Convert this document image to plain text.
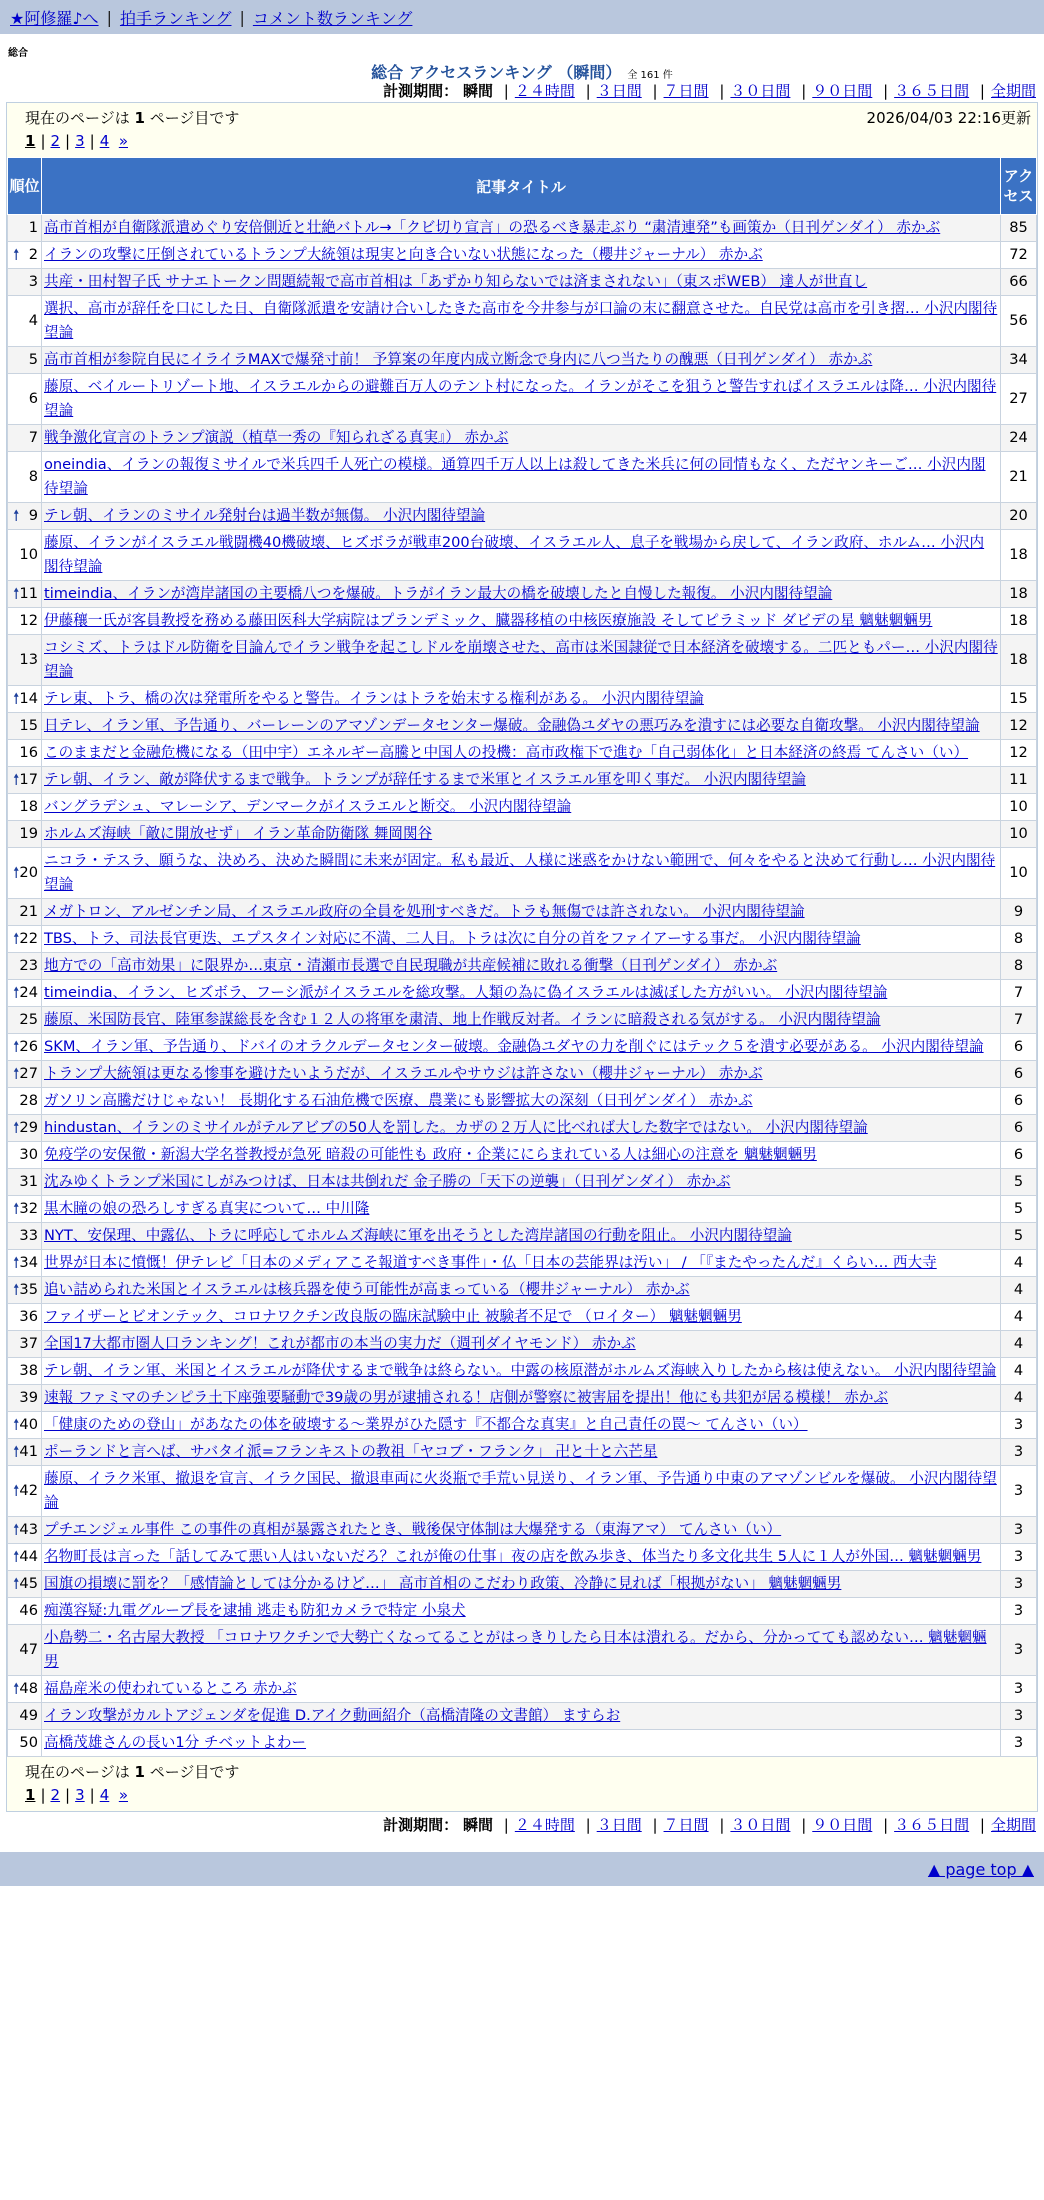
★阿修羅♪へ | 拍手ランキング | コメント数ランキング
総合
総合 アクセスランキング （瞬間） 全 161 件
計測期間： 瞬間 | ２４時間 | ３日間 | ７日間 | ３０日間 | ９０日間 | ３６５日間 | 全期間
現在のページは 1 ページ目です	2026/04/03 22:16更新
1 | 2 | 3 | 4 »
順位	記事タイトル	アクセス
1	高市首相が自衛隊派遣めぐり安倍側近と壮絶バトル→「クビ切り宣言」の恐るべき暴走ぶり “粛清連発”も画策か（日刊ゲンダイ） 赤かぶ	85

🠕 2	イランの攻撃に圧倒されているトランプ大統領は現実と向き合いない状態になった（櫻井ジャーナル） 赤かぶ	72
3	共産・田村智子氏 サナエトークン問題続報で高市首相は「あずかり知らないでは済まされない」（東スポWEB） 達人が世直し	66
4	選択、高市が辞任を口にした日、自衛隊派遣を安請け合いしたきた高市を今井参与が口論の末に翻意させた。自民党は高市を引き摺… 小沢内閣待望論	56
5	高市首相が参院自民にイライラMAXで爆発寸前！ 予算案の年度内成立断念で身内に八つ当たりの醜悪（日刊ゲンダイ） 赤かぶ	34
6	藤原、ベイルートリゾート地、イスラエルからの避難百万人のテント村になった。イランがそこを狙うと警告すればイスラエルは降… 小沢内閣待望論	27
7	戦争激化宣言のトランプ演説（植草一秀の『知られざる真実』） 赤かぶ	24
8	oneindia、イランの報復ミサイルで米兵四千人死亡の模様。通算四千万人以上は殺してきた米兵に何の同情もなく、ただヤンキーご… 小沢内閣待望論	21

🠕 9	テレ朝、イランのミサイル発射台は過半数が無傷。 小沢内閣待望論	20
10	藤原、イランがイスラエル戦闘機40機破壊、ヒズボラが戦車200台破壊、イスラエル人、息子を戦場から戻して、イラン政府、ホルム… 小沢内閣待望論	18

🠕 11	timeindia、イランが湾岸諸国の主要橋八つを爆破。トラがイラン最大の橋を破壊したと自慢した報復。 小沢内閣待望論	18
12	伊藤穰一氏が客員教授を務める藤田医科大学病院はプランデミック、臓器移植の中核医療施設 そしてピラミッド ダビデの星 魑魅魍魎男	18
13	コシミズ、トラはドル防衛を目論んでイラン戦争を起こしドルを崩壊させた、高市は米国隷従で日本経済を破壊する。二匹ともパー… 小沢内閣待望論	18

🠕 14	テレ東、トラ、橋の次は発電所をやると警告。イランはトラを始末する権利がある。 小沢内閣待望論	15
15	日テレ、イラン軍、予告通り、バーレーンのアマゾンデータセンター爆破。金融偽ユダヤの悪巧みを潰すには必要な自衛攻撃。 小沢内閣待望論	12
16	このままだと金融危機になる（田中宇）エネルギー高騰と中国人の投機：高市政権下で進む「自己弱体化」と日本経済の終焉 てんさい（い）	12

🠕 17	テレ朝、イラン、敵が降伏するまで戦争。トランプが辞任するまで米軍とイスラエル軍を叩く事だ。 小沢内閣待望論	11
18	バングラデシュ、マレーシア、デンマークがイスラエルと断交。 小沢内閣待望論	10
19	ホルムズ海峡「敵に開放せず」 イラン革命防衛隊 舞岡関谷	10

🠕 20	ニコラ・テスラ、願うな、決めろ、決めた瞬間に未来が固定。私も最近、人様に迷惑をかけない範囲で、何々をやると決めて行動し… 小沢内閣待望論	10
21	メガトロン、アルゼンチン局、イスラエル政府の全員を処刑すべきだ。トラも無傷では許されない。 小沢内閣待望論	9

🠕 22	TBS、トラ、司法長官更迭、エプスタイン対応に不満、二人目。トラは次に自分の首をファイアーする事だ。 小沢内閣待望論	8
23	地方での「高市効果」に限界か…東京・清瀬市長選で自民現職が共産候補に敗れる衝撃（日刊ゲンダイ） 赤かぶ	8

🠕 24	timeindia、イラン、ヒズボラ、フーシ派がイスラエルを総攻撃。人類の為に偽イスラエルは滅ぼした方がいい。 小沢内閣待望論	7
25	藤原、米国防長官、陸軍参謀総長を含む１２人の将軍を粛清、地上作戦反対者。イランに暗殺される気がする。 小沢内閣待望論	7

🠕 26	SKM、イラン軍、予告通り、ドバイのオラクルデータセンター破壊。金融偽ユダヤの力を削ぐにはテック５を潰す必要がある。 小沢内閣待望論	6

🠕 27	トランプ大統領は更なる惨事を避けたいようだが、イスラエルやサウジは許さない（櫻井ジャーナル） 赤かぶ	6
28	ガソリン高騰だけじゃない！ 長期化する石油危機で医療、農業にも影響拡大の深刻（日刊ゲンダイ） 赤かぶ	6

🠕 29	hindustan、イランのミサイルがテルアビブの50人を罰した。カザの２万人に比べれば大した数字ではない。 小沢内閣待望論	6
30	免疫学の安保徹・新潟大学名誉教授が急死 暗殺の可能性も 政府・企業ににらまれている人は細心の注意を 魑魅魍魎男	6
31	沈みゆくトランプ米国にしがみつけば、日本は共倒れだ 金子勝の「天下の逆襲」（日刊ゲンダイ） 赤かぶ	5

🠕 32	黒木瞳の娘の恐ろしすぎる真実について… 中川隆	5
33	NYT、安保理、中露仏、トラに呼応してホルムズ海峡に軍を出そうとした湾岸諸国の行動を阻止。 小沢内閣待望論	5

🠕 34	世界が日本に憤慨！伊テレビ「日本のメディアこそ報道すべき事件」・仏「日本の芸能界は汚い」 / 「『またやったんだ』くらい… 西大寺	4

🠕 35	追い詰められた米国とイスラエルは核兵器を使う可能性が高まっている（櫻井ジャーナル） 赤かぶ	4
36	ファイザーとビオンテック、コロナワクチン改良版の臨床試験中止 被験者不足で （ロイター） 魑魅魍魎男	4
37	全国17大都市圏人口ランキング！これが都市の本当の実力だ（週刊ダイヤモンド） 赤かぶ	4
38	テレ朝、イラン軍、米国とイスラエルが降伏するまで戦争は終らない。中露の核原潜がホルムズ海峡入りしたから核は使えない。 小沢内閣待望論	4
39	速報 ファミマのチンピラ土下座強要騒動で39歳の男が逮捕される！店側が警察に被害届を提出！他にも共犯が居る模様！ 赤かぶ	4

🠕 40	「健康のための登山」があなたの体を破壊する～業界がひた隠す『不都合な真実』と自己責任の罠～ てんさい（い）	3

🠕 41	ポーランドと言へば、サバタイ派=フランキストの教祖「ヤコブ・フランク」 卍と十と六芒星	3

🠕 42	藤原、イラク米軍、撤退を宣言、イラク国民、撤退車両に火炎瓶で手荒い見送り、イラン軍、予告通り中東のアマゾンビルを爆破。 小沢内閣待望論	3

🠕 43	プチエンジェル事件 この事件の真相が暴露されたとき、戦後保守体制は大爆発する（東海アマ） てんさい（い）	3

🠕 44	名物町長は言った「話してみて悪い人はいないだろ？これが俺の仕事」夜の店を飲み歩き、体当たり多文化共生 5人に１人が外国… 魑魅魍魎男	3

🠕 45	国旗の損壊に罰を？「感情論としては分かるけど…」 高市首相のこだわり政策、冷静に見れば「根拠がない」 魑魅魍魎男	3
46	痴漢容疑:九電グループ長を逮捕 逃走も防犯カメラで特定 小泉犬	3
47	小島勢二・名古屋大教授 「コロナワクチンで大勢亡くなってることがはっきりしたら日本は潰れる。だから、分かってても認めない… 魑魅魍魎男	3

🠕 48	福島産米の使われているところ 赤かぶ	3
49	イラン攻撃がカルトアジェンダを促進 D.アイク動画紹介（高橋清隆の文書館） ますらお	3
50	高橋茂雄さんの長い1分 チベットよわー	3
現在のページは 1 ページ目です
1 | 2 | 3 | 4 »
計測期間： 瞬間 | ２４時間 | ３日間 | ７日間 | ３０日間 | ９０日間 | ３６５日間 | 全期間
▲ page top ▲
